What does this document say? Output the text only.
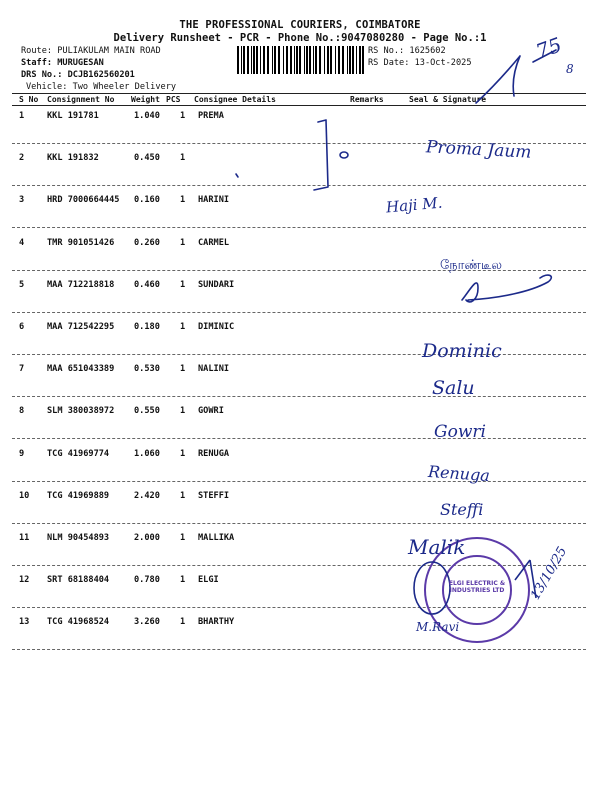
THE PROFESSIONAL COURIERS, COIMBATORE
Delivery Runsheet - PCR - Phone No.:9047080280 - Page No.:1
Route: PULIAKULAM MAIN ROAD
Staff: MURUGESAN
DRS No.: DCJB162560201
Vehicle: Two Wheeler Delivery
RS No.: 1625602
RS Date: 13-Oct-2025
S No Consignment No Weight PCS Consignee Details	Remarks	Seal & Signature
1	KKL 191781	1.040 1 PREMA
2	KKL 191832	0.450 1
3	HRD 7000664445 0.160 1 HARINI
4	TMR 901051426 0.260 1 CARMEL
5	MAA 712218818 0.460 1 SUNDARI
6	MAA 712542295 0.180 1 DIMINIC
7	MAA 651043389 0.530 1 NALINI
8	SLM 380038972 0.550 1 GOWRI
9	TCG 41969774	1.060 1 RENUGA
10 TCG 41969889	2.420 1 STEFFI
11 NLM 90454893	2.000 1 MALLIKA
12 SRT 68188404	0.780 1 ELGI
13 TCG 41968524	3.260 1 BHARTHY
75
8
Proma Jaum
Haji M.
நோண்டீல
Dominic
Salu
Gowri
Renuga
Steffi
Malik
M.Ravi
ELGI ELECTRIC & INDUSTRIES LTD	13/10/25
